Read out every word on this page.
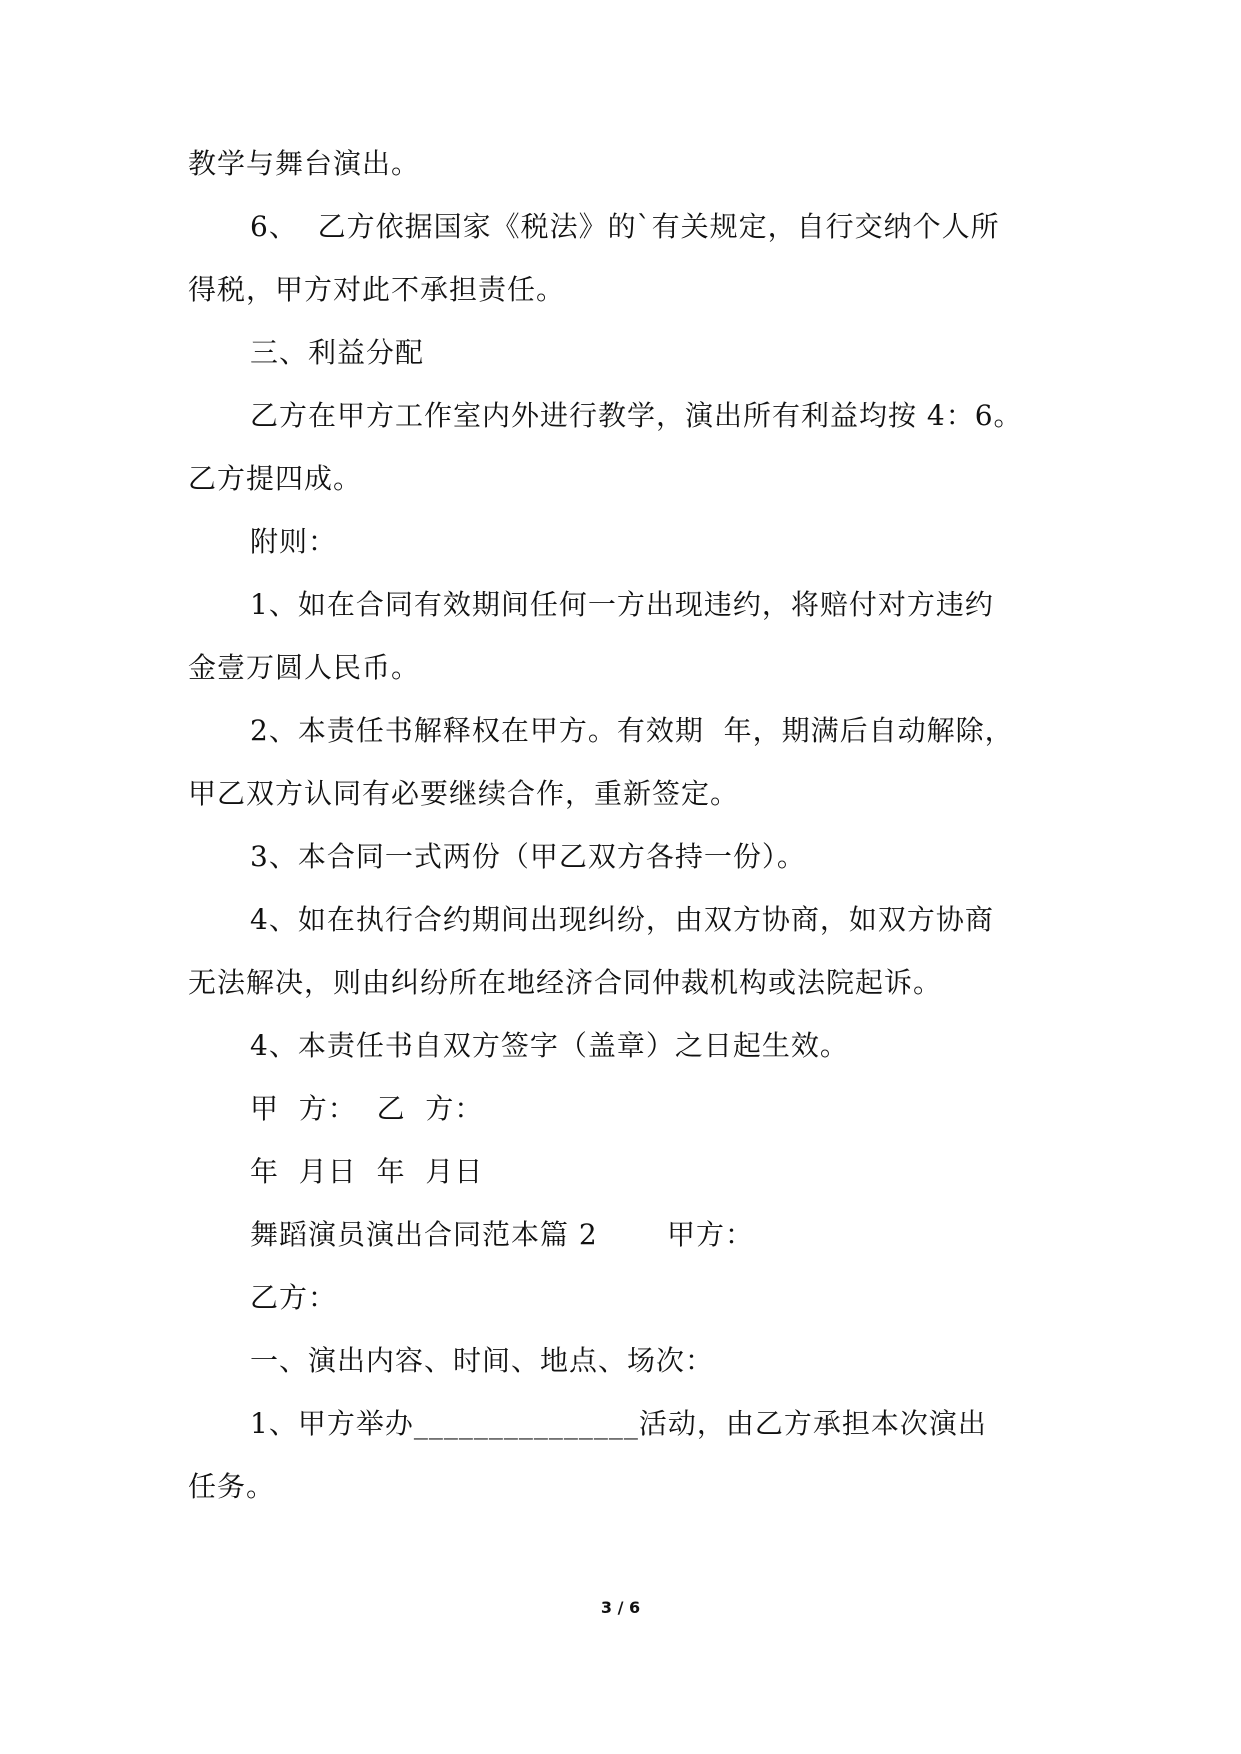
教学与舞台演出。
6、  乙方依据国家《税法》的`有关规定，自行交纳个人所
得税，甲方对此不承担责任。
三、利益分配
乙方在甲方工作室内外进行教学，演出所有利益均按 4：6。
乙方提四成。
附则：
1、如在合同有效期间任何一方出现违约，将赔付对方违约
金壹万圆人民币。
2、本责任书解释权在甲方。有效期  年，期满后自动解除，
甲乙双方认同有必要继续合作，重新签定。
3、本合同一式两份（甲乙双方各持一份）。
4、如在执行合约期间出现纠纷，由双方协商，如双方协商
无法解决，则由纠纷所在地经济合同仲裁机构或法院起诉。
4、本责任书自双方签字（盖章）之日起生效。
甲  方：  乙  方：
年  月日  年  月日
舞蹈演员演出合同范本篇 2       甲方：
乙方：
一、演出内容、时间、地点、场次：
1、甲方举办_______________活动，由乙方承担本次演出
任务。
3 / 6
